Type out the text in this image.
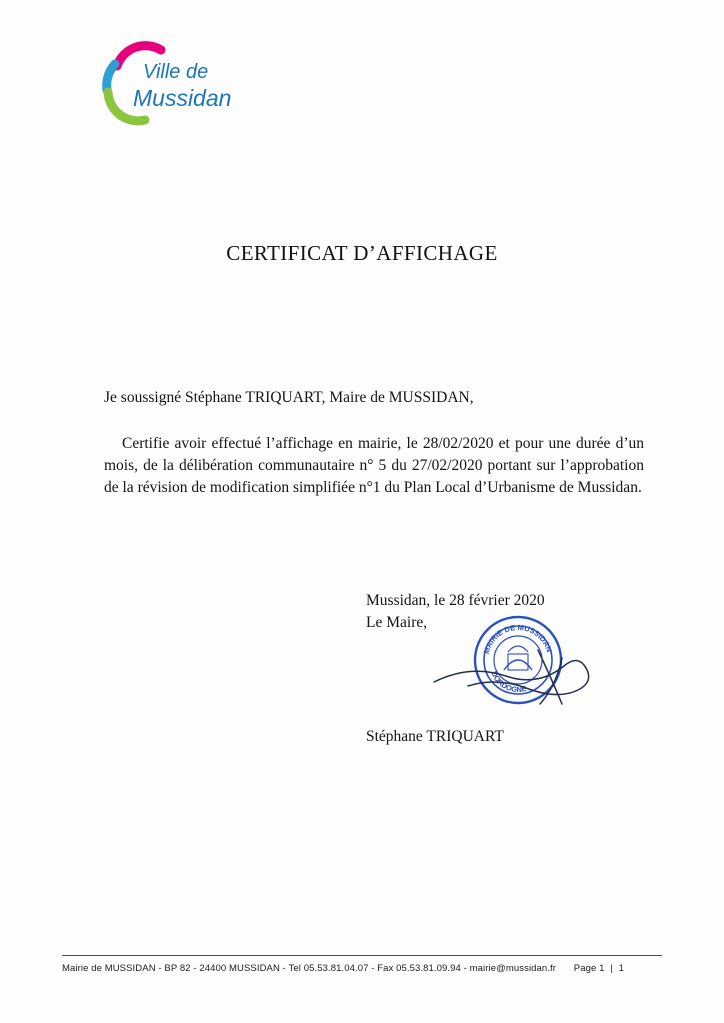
Ville de
Mussidan
CERTIFICAT D’AFFICHAGE

Je soussigné Stéphane TRIQUART, Maire de MUSSIDAN,

Certifie avoir effectué l’affichage en mairie, le 28/02/2020 et pour une durée d’un mois, de la délibération communautaire n° 5 du 27/02/2020 portant sur l’approbation de la révision de modification simplifiée n°1 du Plan Local d’Urbanisme de Mussidan.

Mussidan, le 28 février 2020

Le Maire,

MAIRIE DE MUSSIDAN
DORDOGNE
Stéphane TRIQUART
Mairie de MUSSIDAN - BP 82 - 24400 MUSSIDAN - Tel 05.53.81.04.07 - Fax 05.53.81.09.94 - mairie@mussidan.fr Page 1 | 1
